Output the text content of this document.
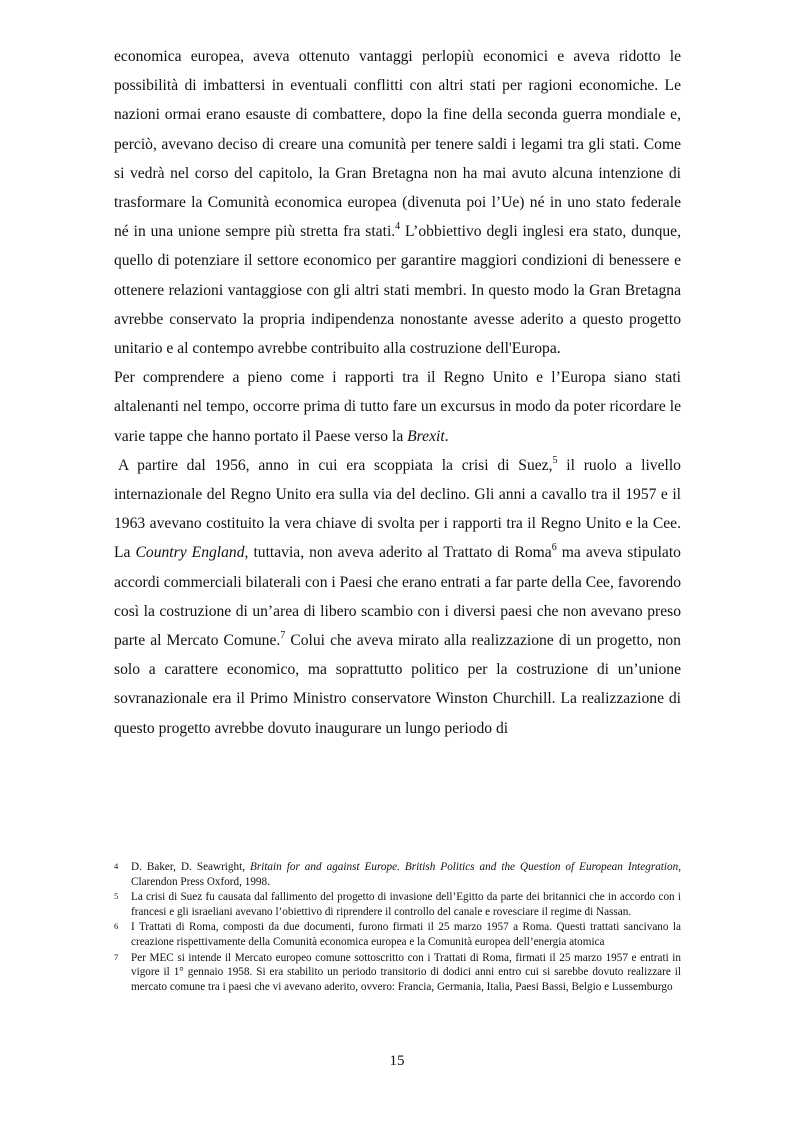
economica europea, aveva ottenuto vantaggi perlopiù economici e aveva ridotto le possibilità di imbattersi in eventuali conflitti con altri stati per ragioni economiche. Le nazioni ormai erano esauste di combattere, dopo la fine della seconda guerra mondiale e, perciò, avevano deciso di creare una comunità per tenere saldi i legami tra gli stati. Come si vedrà nel corso del capitolo, la Gran Bretagna non ha mai avuto alcuna intenzione di trasformare la Comunità economica europea (divenuta poi l’Ue) né in uno stato federale né in una unione sempre più stretta fra stati.$^4$ L’obbiettivo degli inglesi era stato, dunque, quello di potenziare il settore economico per garantire maggiori condizioni di benessere e ottenere relazioni vantaggiose con gli altri stati membri. In questo modo la Gran Bretagna avrebbe conservato la propria indipendenza nonostante avesse aderito a questo progetto unitario e al contempo avrebbe contribuito alla costruzione dell'Europa.

Per comprendere a pieno come i rapporti tra il Regno Unito e l’Europa siano stati altalenanti nel tempo, occorre prima di tutto fare un excursus in modo da poter ricordare le varie tappe che hanno portato il Paese verso la Brexit.

A partire dal 1956, anno in cui era scoppiata la crisi di Suez,$^5$ il ruolo a livello internazionale del Regno Unito era sulla via del declino. Gli anni a cavallo tra il 1957 e il 1963 avevano costituito la vera chiave di svolta per i rapporti tra il Regno Unito e la Cee. La Country England, tuttavia, non aveva aderito al Trattato di Roma$^6$ ma aveva stipulato accordi commerciali bilaterali con i Paesi che erano entrati a far parte della Cee, favorendo così la costruzione di un’area di libero scambio con i diversi paesi che non avevano preso parte al Mercato Comune.$^7$ Colui che aveva mirato alla realizzazione di un progetto, non solo a carattere economico, ma soprattutto politico per la costruzione di un’unione sovranazionale era il Primo Ministro conservatore Winston Churchill. La realizzazione di questo progetto avrebbe dovuto inaugurare un lungo periodo di

4	D. Baker, D. Seawright, Britain for and against Europe. British Politics and the Question of European Integration, Clarendon Press Oxford, 1998.
5	La crisi di Suez fu causata dal fallimento del progetto di invasione dell’Egitto da parte dei britannici che in accordo con i francesi e gli israeliani avevano l’obiettivo di riprendere il controllo del canale e rovesciare il regime di Nassan.
6	I Trattati di Roma, composti da due documenti, furono firmati il 25 marzo 1957 a Roma. Questi trattati sancivano la creazione rispettivamente della Comunità economica europea e la Comunità europea dell’energia atomica
7	Per MEC si intende il Mercato europeo comune sottoscritto con i Trattati di Roma, firmati il 25 marzo 1957 e entrati in vigore il 1° gennaio 1958. Si era stabilito un periodo transitorio di dodici anni entro cui si sarebbe dovuto realizzare il mercato comune tra i paesi che vi avevano aderito, ovvero: Francia, Germania, Italia, Paesi Bassi, Belgio e Lussemburgo
15
